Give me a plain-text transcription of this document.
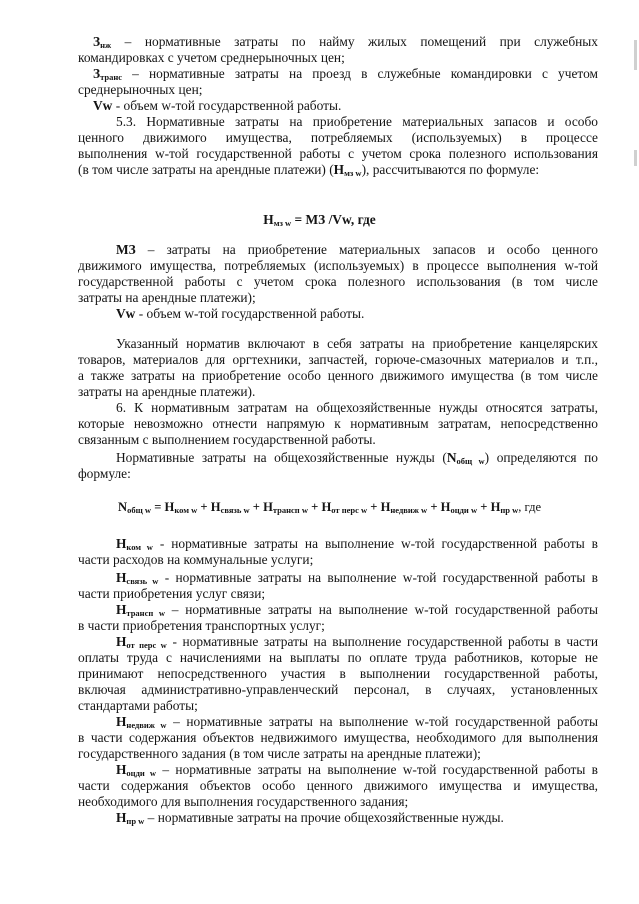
$З_{нж}$ – нормативные затраты по найму жилых помещений при служебных
командировках с учетом среднерыночных цен;
$З_{транс}$ – нормативные затраты на проезд в служебные командировки с учетом
среднерыночных цен;
Vw - объем w-той государственной работы.
5.3. Нормативные затраты на приобретение материальных запасов и особо
ценного движимого имущества, потребляемых (используемых) в процессе
выполнения w-той государственной работы с учетом срока полезного использования
(в том числе затраты на арендные платежи) $(Н_{мз w})$, рассчитываются по формуле:
$Н_{мз w}$ = МЗ /Vw, где
МЗ – затраты на приобретение материальных запасов и особо ценного
движимого имущества, потребляемых (используемых) в процессе выполнения w-той
государственной работы с учетом срока полезного использования (в том числе
затраты на арендные платежи);
Vw - объем w-той государственной работы.
Указанный норматив включают в себя затраты на приобретение канцелярских
товаров, материалов для оргтехники, запчастей, горюче-смазочных материалов и т.п.,
а также затраты на приобретение особо ценного движимого имущества (в том числе
затраты на арендные платежи).
6. К нормативным затратам на общехозяйственные нужды относятся затраты,
которые невозможно отнести напрямую к нормативным затратам, непосредственно
связанным с выполнением государственной работы.
Нормативные затраты на общехозяйственные нужды $(N_{общ w})$ определяются по
формуле:
$N_{общ w} = Н_{ком w} + Н_{связь w} + Н_{трансп w} + Н_{от перс w} + Н_{недвиж w} + Н_{оцди w} + Н_{пр w}$, где
$Н_{ком w}$ - нормативные затраты на выполнение w-той государственной работы в
части расходов на коммунальные услуги;
$Н_{связь w}$ - нормативные затраты на выполнение w-той государственной работы в
части приобретения услуг связи;
$Н_{трансп w}$ – нормативные затраты на выполнение w-той государственной работы
в части приобретения транспортных услуг;
$Н_{от перс w}$ - нормативные затраты на выполнение государственной работы в части
оплаты труда с начислениями на выплаты по оплате труда работников, которые не
принимают непосредственного участия в выполнении государственной работы,
включая административно-управленческий персонал, в случаях, установленных
стандартами работы;
$Н_{недвиж w}$ – нормативные затраты на выполнение w-той государственной работы
в части содержания объектов недвижимого имущества, необходимого для выполнения
государственного задания (в том числе затраты на арендные платежи);
$Н_{оцди w}$ – нормативные затраты на выполнение w-той государственной работы в
части содержания объектов особо ценного движимого имущества и имущества,
необходимого для выполнения государственного задания;
$Н_{пр w}$ – нормативные затраты на прочие общехозяйственные нужды.
